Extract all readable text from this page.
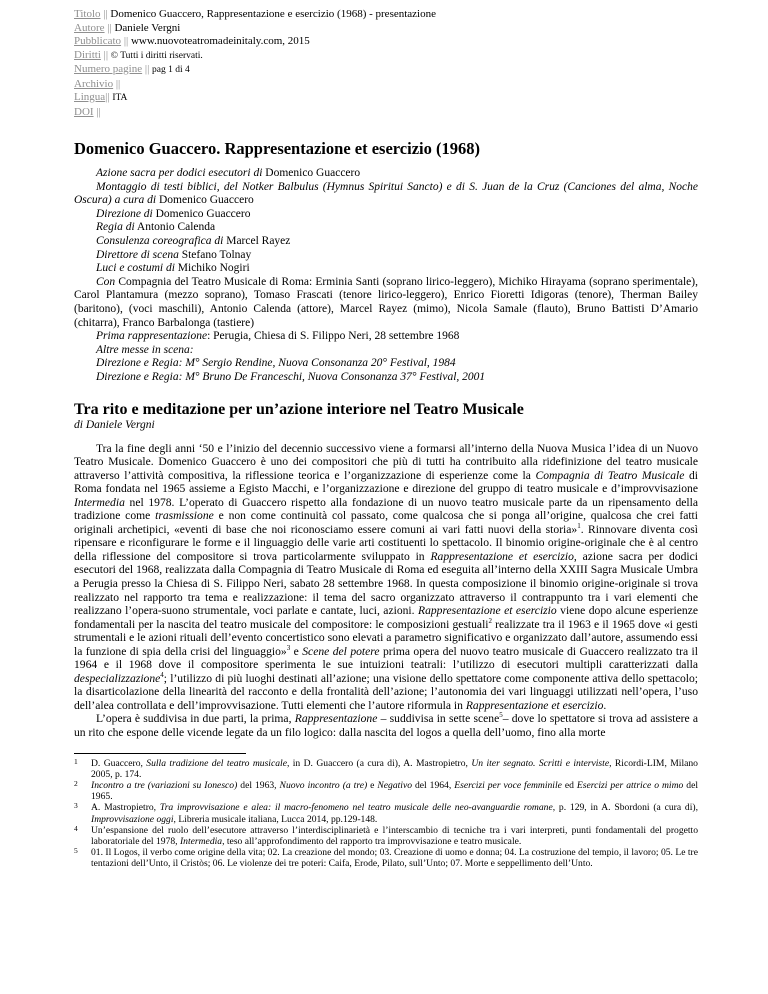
Titolo || Domenico Guaccero, Rappresentazione e esercizio (1968) - presentazione
Autore || Daniele Vergni
Pubblicato || www.nuovoteatromadeinitaly.com, 2015
Diritti || © Tutti i diritti riservati.
Numero pagine || pag 1 di 4
Archivio ||
Lingua|| ITA
DOI ||
Domenico Guaccero. Rappresentazione et esercizio (1968)

Azione sacra per dodici esecutori di Domenico Guaccero

Montaggio di testi biblici, del Notker Balbulus (Hymnus Spiritui Sancto) e di S. Juan de la Cruz (Canciones del alma, Noche Oscura) a cura di Domenico Guaccero

Direzione di Domenico Guaccero

Regia di Antonio Calenda

Consulenza coreografica di Marcel Rayez

Direttore di scena Stefano Tolnay

Luci e costumi di Michiko Nogiri

Con Compagnia del Teatro Musicale di Roma: Erminia Santi (soprano lirico-leggero), Michiko Hirayama (soprano sperimentale), Carol Plantamura (mezzo soprano), Tomaso Frascati (tenore lirico-leggero), Enrico Fioretti Idigoras (tenore), Therman Bailey (baritono), (voci maschili), Antonio Calenda (attore), Marcel Rayez (mimo), Nicola Samale (flauto), Bruno Battisti D’Amario (chitarra), Franco Barbalonga (tastiere)

Prima rappresentazione: Perugia, Chiesa di S. Filippo Neri, 28 settembre 1968

Altre messe in scena:

Direzione e Regia: M° Sergio Rendine, Nuova Consonanza 20° Festival, 1984

Direzione e Regia: M° Bruno De Franceschi, Nuova Consonanza 37° Festival, 2001

Tra rito e meditazione per un’azione interiore nel Teatro Musicale
di Daniele Vergni

Tra la fine degli anni ‘50 e l’inizio del decennio successivo viene a formarsi all’interno della Nuova Musica l’idea di un Nuovo Teatro Musicale. Domenico Guaccero è uno dei compositori che più di tutti ha contribuito alla ridefinizione del teatro musicale attraverso l’attività compositiva, la riflessione teorica e l’organizzazione di esperienze come la Compagnia di Teatro Musicale di Roma fondata nel 1965 assieme a Egisto Macchi, e l’organizzazione e direzione del gruppo di teatro musicale e d’improvvisazione Intermedia nel 1978. L’operato di Guaccero rispetto alla fondazione di un nuovo teatro musicale parte da un ripensamento della tradizione come trasmissione e non come continuità col passato, come qualcosa che si ponga all’origine, qualcosa che crei fatti originali archetipici, «eventi di base che noi riconosciamo essere comuni ai vari fatti nuovi della storia»$^1$. Rinnovare diventa così ripensare e riconfigurare le forme e il linguaggio delle varie arti costituenti lo spettacolo. Il binomio origine-originale che è al centro della riflessione del compositore si trova particolarmente sviluppato in Rappresentazione et esercizio, azione sacra per dodici esecutori del 1968, realizzata dalla Compagnia di Teatro Musicale di Roma ed eseguita all’interno della XXIII Sagra Musicale Umbra a Perugia presso la Chiesa di S. Filippo Neri, sabato 28 settembre 1968. In questa composizione il binomio origine-originale si trova realizzato nel rapporto tra tema e realizzazione: il tema del sacro organizzato attraverso il contrappunto tra i vari elementi che realizzano l’opera-suono strumentale, voci parlate e cantate, luci, azioni. Rappresentazione et esercizio viene dopo alcune esperienze fondamentali per la nascita del teatro musicale del compositore: le composizioni gestuali$^2$ realizzate tra il 1963 e il 1965 dove «i gesti strumentali e le azioni rituali dell’evento concertistico sono elevati a parametro significativo e organizzato dall’autore, assumendo essi la funzione di spia della crisi del linguaggio»$^3$ e Scene del potere prima opera del nuovo teatro musicale di Guaccero realizzato tra il 1964 e il 1968 dove il compositore sperimenta le sue intuizioni teatrali: l’utilizzo di esecutori multipli caratterizzati dalla despecializzazione$^4$; l’utilizzo di più luoghi destinati all’azione; una visione dello spettatore come componente attiva dello spettacolo; la disarticolazione della linearità del racconto e della frontalità dell’azione; l’autonomia dei vari linguaggi utilizzati nell’opera, l’uso dell’alea controllata e dell’improvvisazione. Tutti elementi che l’autore riformula in Rappresentazione et esercizio.

L’opera è suddivisa in due parti, la prima, Rappresentazione – suddivisa in sette scene$^5$– dove lo spettatore si trova ad assistere a un rito che espone delle vicende legate da un filo logico: dalla nascita del logos a quella dell’uomo, fino alla morte

1 D. Guaccero, Sulla tradizione del teatro musicale, in D. Guaccero (a cura di), A. Mastropietro, Un iter segnato. Scritti e interviste, Ricordi-LIM, Milano 2005, p. 174.
2 Incontro a tre (variazioni su Ionesco) del 1963, Nuovo incontro (a tre) e Negativo del 1964, Esercizi per voce femminile ed Esercizi per attrice o mimo del 1965.
3 A. Mastropietro, Tra improvvisazione e alea: il macro-fenomeno nel teatro musicale delle neo-avanguardie romane, p. 129, in A. Sbordoni (a cura di), Improvvisazione oggi, Libreria musicale italiana, Lucca 2014, pp.129-148.
4 Un’espansione del ruolo dell’esecutore attraverso l’interdisciplinarietà e l’interscambio di tecniche tra i vari interpreti, punti fondamentali del progetto laboratoriale del 1978, Intermedia, teso all’approfondimento del rapporto tra improvvisazione e teatro musicale.
5 01. Il Logos, il verbo come origine della vita; 02. La creazione del mondo; 03. Creazione di uomo e donna; 04. La costruzione del tempio, il lavoro; 05. Le tre tentazioni dell’Unto, il Cristòs; 06. Le violenze dei tre poteri: Caifa, Erode, Pilato, sull’Unto; 07. Morte e seppellimento dell’Unto.
